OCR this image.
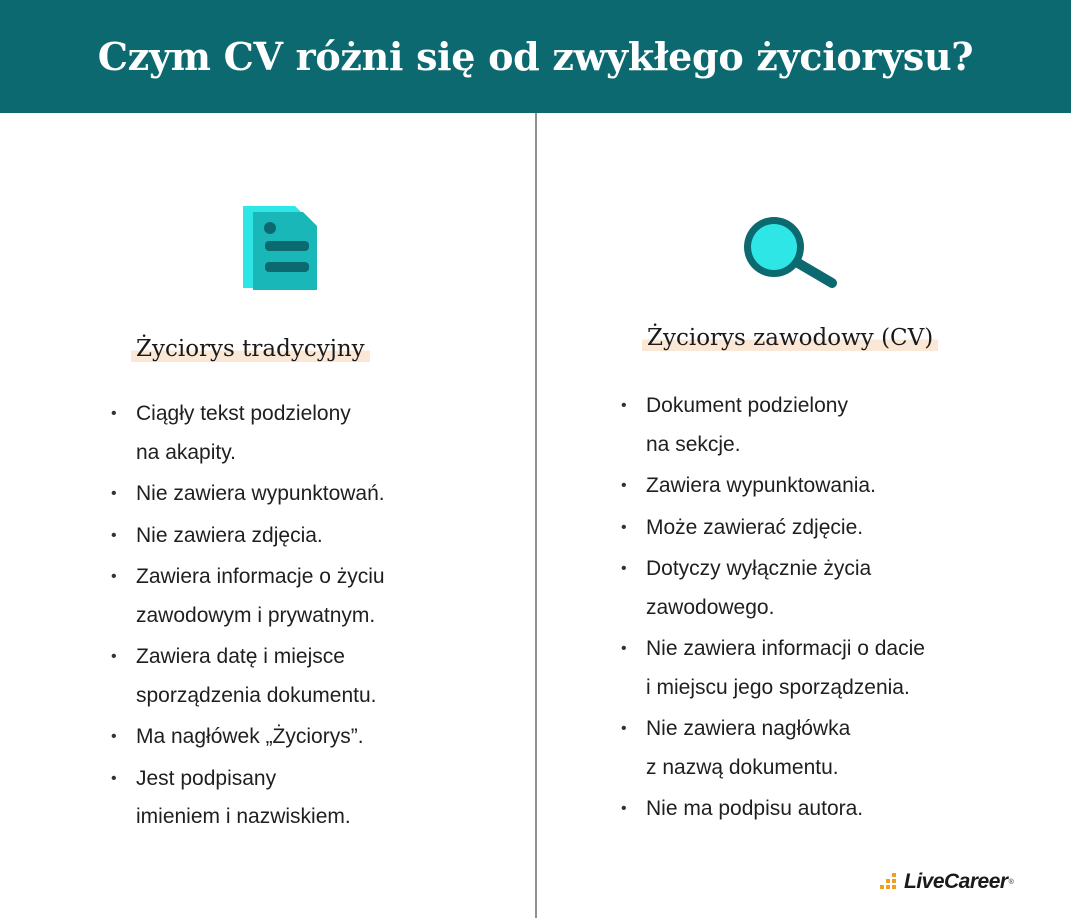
Czym CV różni się od zwykłego życiorysu?
Życiorys tradycyjny
• Ciągły tekst podzielony
na akapity.
• Nie zawiera wypunktowań.
• Nie zawiera zdjęcia.
• Zawiera informacje o życiu
zawodowym i prywatnym.
• Zawiera datę i miejsce
sporządzenia dokumentu.
• Ma nagłówek „Życiorys”.
• Jest podpisany
imieniem i nazwiskiem.
Życiorys zawodowy (CV)
• Dokument podzielony
na sekcje.
• Zawiera wypunktowania.
• Może zawierać zdjęcie.
• Dotyczy wyłącznie życia
zawodowego.
• Nie zawiera informacji o dacie
i miejscu jego sporządzenia.
• Nie zawiera nagłówka
z nazwą dokumentu.
• Nie ma podpisu autora.
LiveCareer ®
